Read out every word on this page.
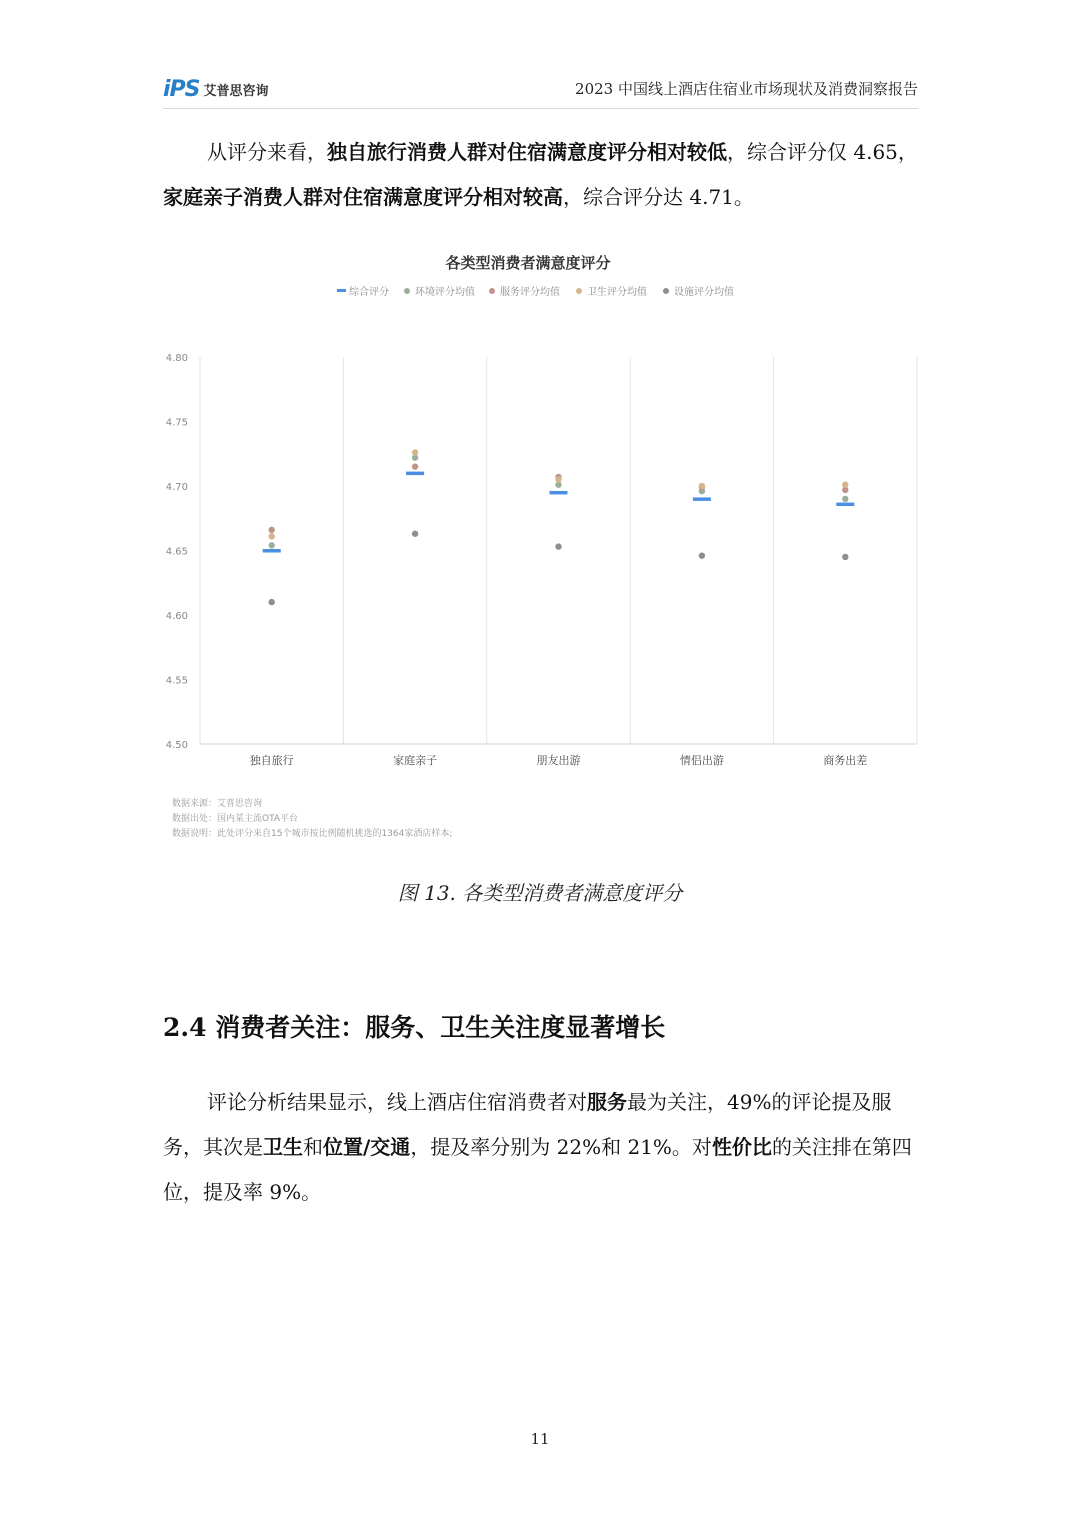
iPS 艾普思咨询	2023 中国线上酒店住宿业市场现状及消费洞察报告

从评分来看，独自旅行消费人群对住宿满意度评分相对较低，综合评分仅 4.65，家庭亲子消费人群对住宿满意度评分相对较高，综合评分达 4.71。

各类型消费者满意度评分
综合评分	环境评分均值	服务评分均值	卫生评分均值	设施评分均值
4.80
4.75
4.70
4.65
4.60
4.55
4.50
独自旅行	家庭亲子	朋友出游	情侣出游	商务出差
数据来源：艾普思咨询
数据出处：国内某主流OTA平台
数据说明：此处评分来自15个城市按比例随机挑选的1364家酒店样本;
图 13. 各类型消费者满意度评分
2.4 消费者关注：服务、卫生关注度显著增长

评论分析结果显示，线上酒店住宿消费者对服务最为关注，49%的评论提及服务，其次是卫生和位置/交通，提及率分别为 22%和 21%。对性价比的关注排在第四位，提及率 9%。

11
